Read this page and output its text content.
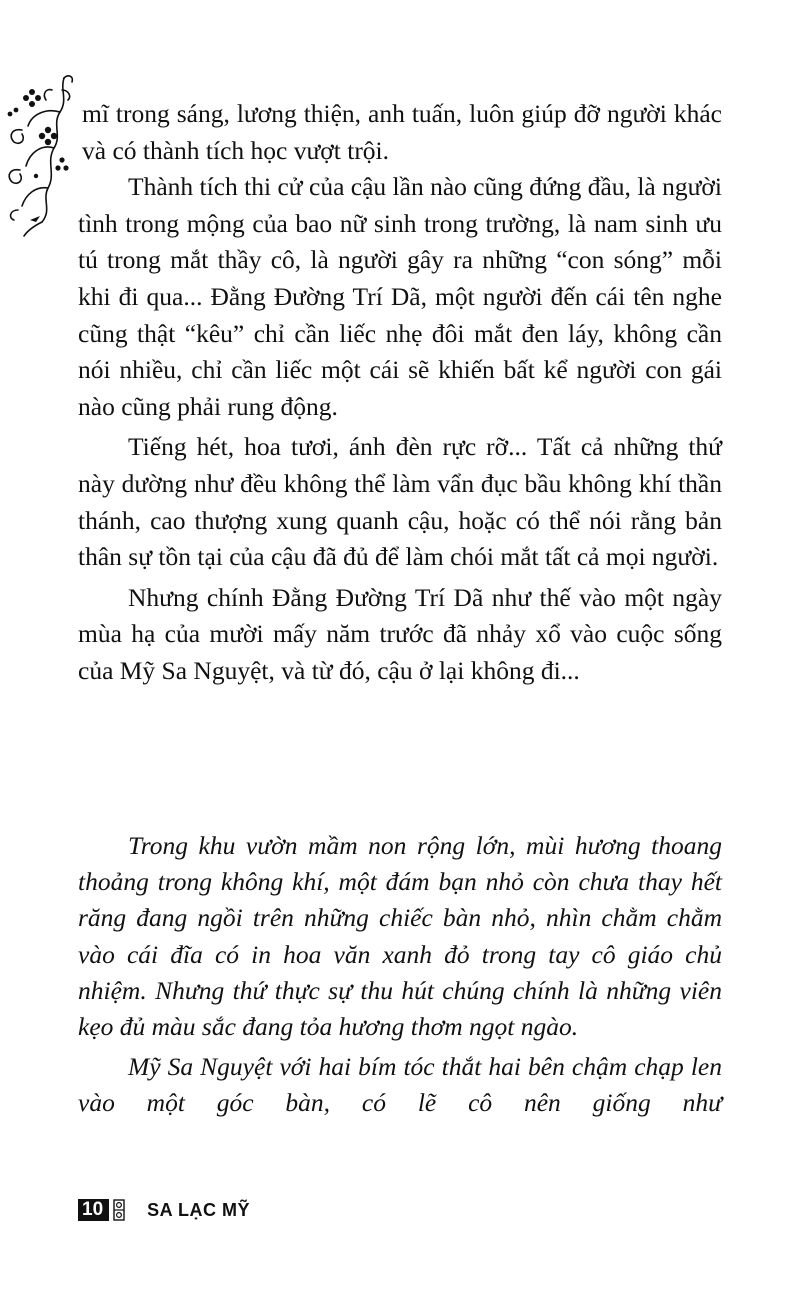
mĩ trong sáng, lương thiện, anh tuấn, luôn giúp đỡ người khác và có thành tích học vượt trội.

Thành tích thi cử của cậu lần nào cũng đứng đầu, là người tình trong mộng của bao nữ sinh trong trường, là nam sinh ưu tú trong mắt thầy cô, là người gây ra những “con sóng” mỗi khi đi qua... Đằng Đường Trí Dã, một người đến cái tên nghe cũng thật “kêu” chỉ cần liếc nhẹ đôi mắt đen láy, không cần nói nhiều, chỉ cần liếc một cái sẽ khiến bất kể người con gái nào cũng phải rung động.

Tiếng hét, hoa tươi, ánh đèn rực rỡ... Tất cả những thứ này dường như đều không thể làm vẩn đục bầu không khí thần thánh, cao thượng xung quanh cậu, hoặc có thể nói rằng bản thân sự tồn tại của cậu đã đủ để làm chói mắt tất cả mọi người.

Nhưng chính Đằng Đường Trí Dã như thế vào một ngày mùa hạ của mười mấy năm trước đã nhảy xổ vào cuộc sống của Mỹ Sa Nguyệt, và từ đó, cậu ở lại không đi...

Trong khu vườn mầm non rộng lớn, mùi hương thoang thoảng trong không khí, một đám bạn nhỏ còn chưa thay hết răng đang ngồi trên những chiếc bàn nhỏ, nhìn chằm chằm vào cái đĩa có in hoa văn xanh đỏ trong tay cô giáo chủ nhiệm. Nhưng thứ thực sự thu hút chúng chính là những viên kẹo đủ màu sắc đang tỏa hương thơm ngọt ngào.

Mỹ Sa Nguyệt với hai bím tóc thắt hai bên chậm chạp len vào một góc bàn, có lẽ cô nên giống như

10	SA LẠC MỸ
